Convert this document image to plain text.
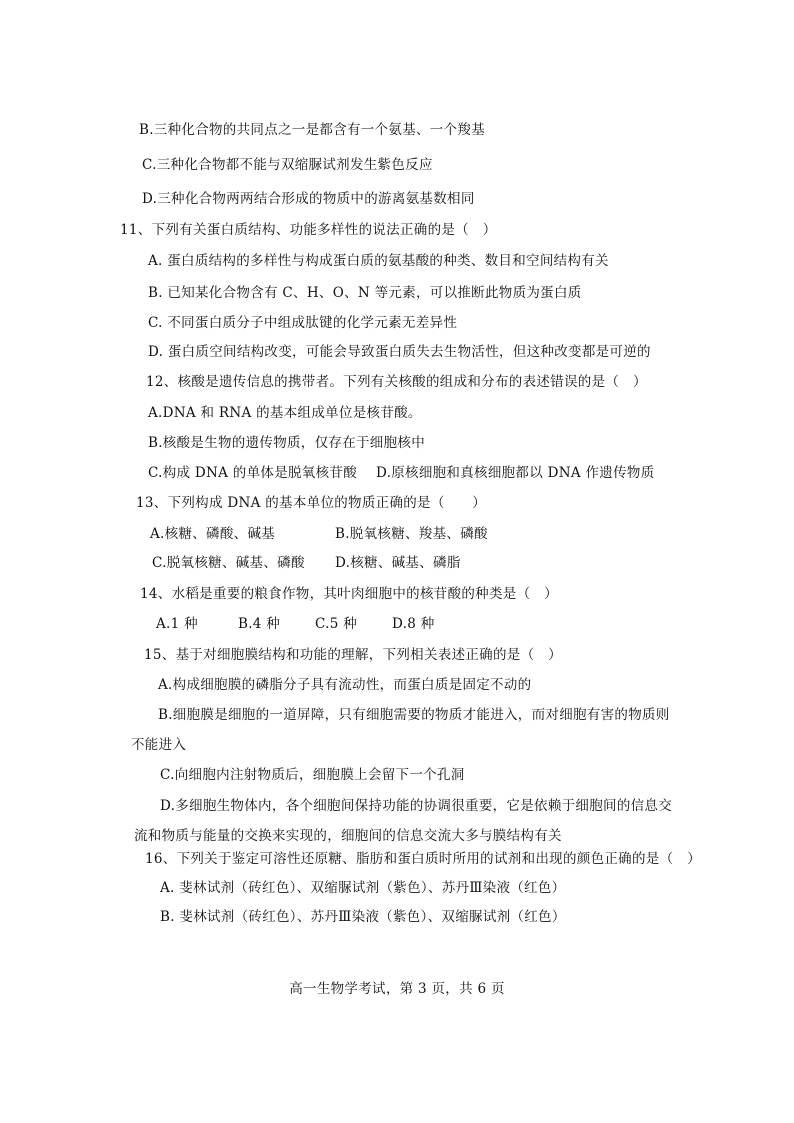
B.三种化合物的共同点之一是都含有一个氨基、一个羧基
C.三种化合物都不能与双缩脲试剂发生紫色反应
D.三种化合物两两结合形成的物质中的游离氨基数相同
11、下列有关蛋白质结构、功能多样性的说法正确的是（　）
A. 蛋白质结构的多样性与构成蛋白质的氨基酸的种类、数目和空间结构有关
B. 已知某化合物含有 C、H、O、N 等元素，可以推断此物质为蛋白质
C. 不同蛋白质分子中组成肽键的化学元素无差异性
D. 蛋白质空间结构改变，可能会导致蛋白质失去生物活性，但这种改变都是可逆的
12、核酸是遗传信息的携带者。下列有关核酸的组成和分布的表述错误的是（　）
A.DNA 和 RNA 的基本组成单位是核苷酸。
B.核酸是生物的遗传物质，仅存在于细胞核中
C.构成 DNA 的单体是脱氧核苷酸 D.原核细胞和真核细胞都以 DNA 作遗传物质
13、下列构成 DNA 的基本单位的物质正确的是（　　）
A.核糖、磷酸、碱基	B.脱氧核糖、羧基、磷酸
C.脱氧核糖、碱基、磷酸 D.核糖、碱基、磷脂
14、水稻是重要的粮食作物，其叶肉细胞中的核苷酸的种类是（　）
A.1 种	B.4 种	C.5 种	D.8 种
15、基于对细胞膜结构和功能的理解，下列相关表述正确的是（　）
A.构成细胞膜的磷脂分子具有流动性，而蛋白质是固定不动的
B.细胞膜是细胞的一道屏障，只有细胞需要的物质才能进入，而对细胞有害的物质则
不能进入
C.向细胞内注射物质后，细胞膜上会留下一个孔洞
D.多细胞生物体内，各个细胞间保持功能的协调很重要，它是依赖于细胞间的信息交
流和物质与能量的交换来实现的，细胞间的信息交流大多与膜结构有关
16、下列关于鉴定可溶性还原糖、脂肪和蛋白质时所用的试剂和出现的颜色正确的是（　）
A. 斐林试剂（砖红色）、双缩脲试剂（紫色）、苏丹Ⅲ染液（红色）
B. 斐林试剂（砖红色）、苏丹Ⅲ染液（紫色）、双缩脲试剂（红色）
高一生物学考试，第 3 页，共 6 页
